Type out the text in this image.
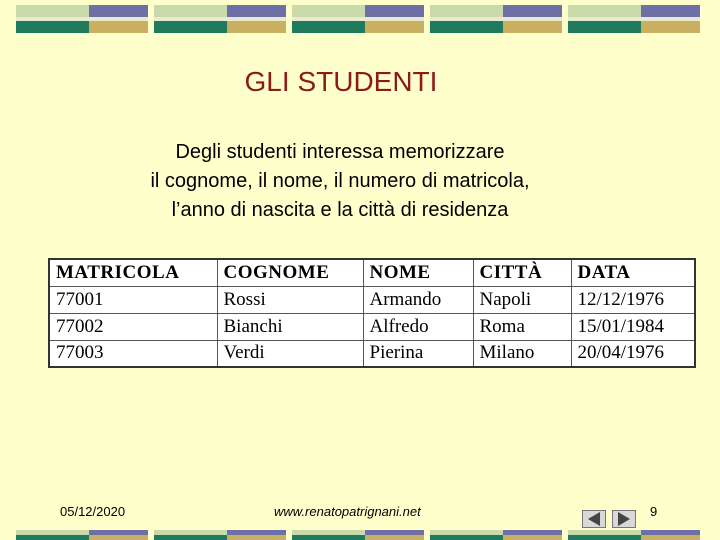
GLI STUDENTI
Degli studenti interessa memorizzare
il cognome, il nome, il numero di matricola,
l’anno di nascita e la città di residenza
MATRICOLA	COGNOME	NOME	CITTÀ	DATA
77001	Rossi	Armando	Napoli	12/12/1976
77002	Bianchi	Alfredo	Roma	15/01/1984
77003	Verdi	Pierina	Milano	20/04/1976
05/12/2020	www.renatopatrignani.net	9
